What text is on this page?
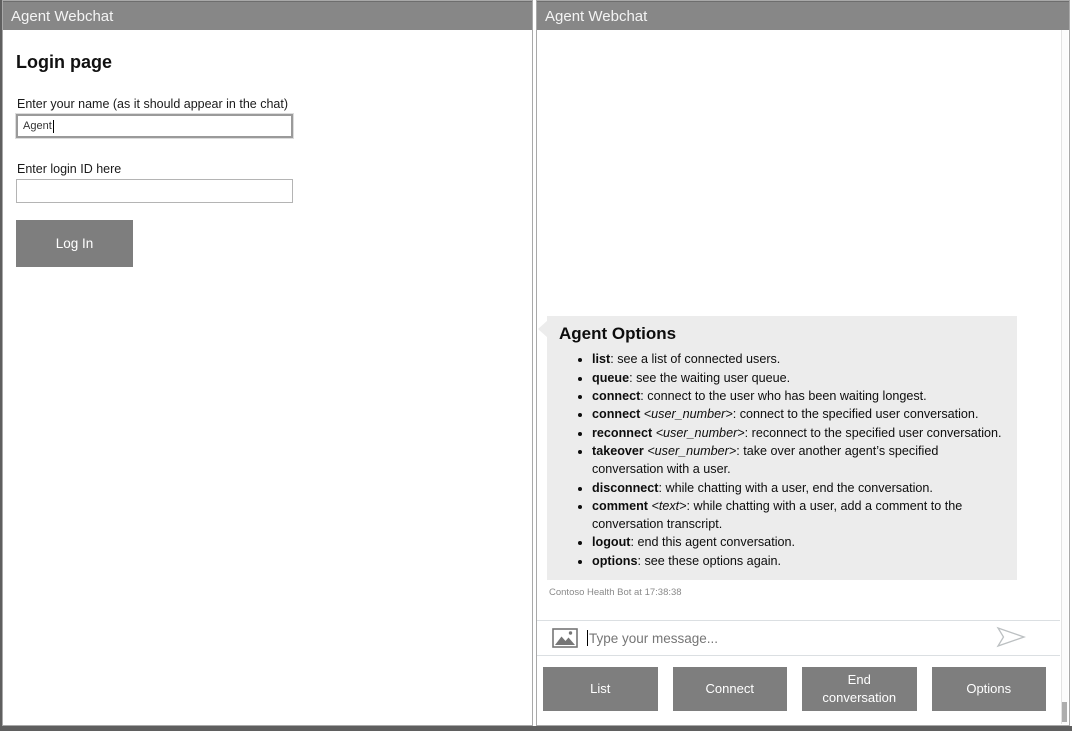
Agent Webchat
Login page
Enter your name (as it should appear in the chat)
Agent
Enter login ID here
Log In
Agent Webchat
Agent Options
• list: see a list of connected users.
• queue: see the waiting user queue.
• connect: connect to the user who has been waiting longest.
• connect <user_number>: connect to the specified user conversation.
• reconnect <user_number>: reconnect to the specified user conversation.
• takeover <user_number>: take over another agent’s specified conversation with a user.
• disconnect: while chatting with a user, end the conversation.
• comment <text>: while chatting with a user, add a comment to the conversation transcript.
• logout: end this agent conversation.
• options: see these options again.
Contoso Health Bot at 17:38:38
Type your message...
List	Connect
End conversation
Options
